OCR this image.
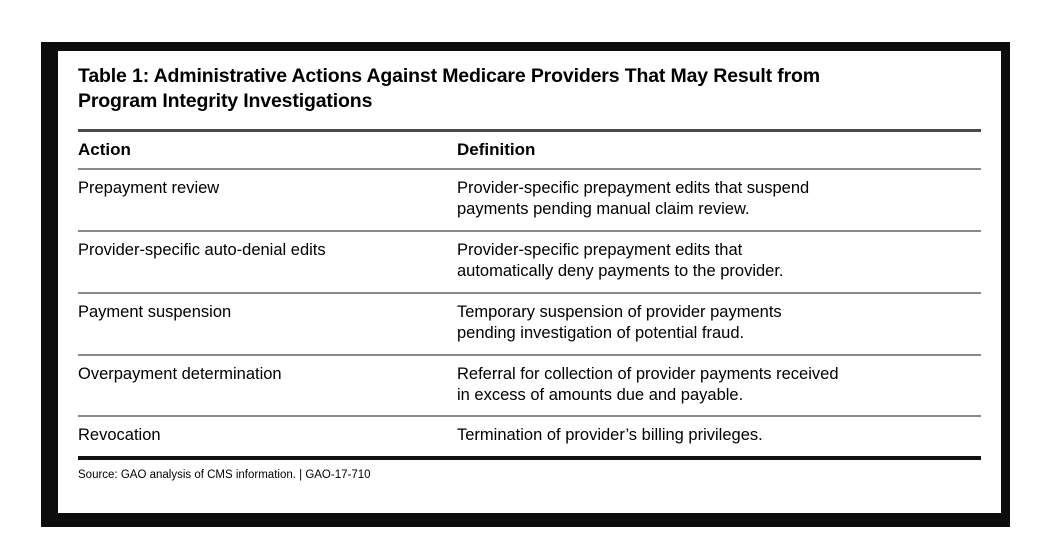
Table 1: Administrative Actions Against Medicare Providers That May Result from
Program Integrity Investigations
Action	Definition
Prepayment review	Provider-specific prepayment edits that suspend
payments pending manual claim review.
Provider-specific auto-denial edits	Provider-specific prepayment edits that
automatically deny payments to the provider.
Payment suspension	Temporary suspension of provider payments
pending investigation of potential fraud.
Overpayment determination	Referral for collection of provider payments received
in excess of amounts due and payable.
Revocation	Termination of provider’s billing privileges.
Source: GAO analysis of CMS information. | GAO-17-710
